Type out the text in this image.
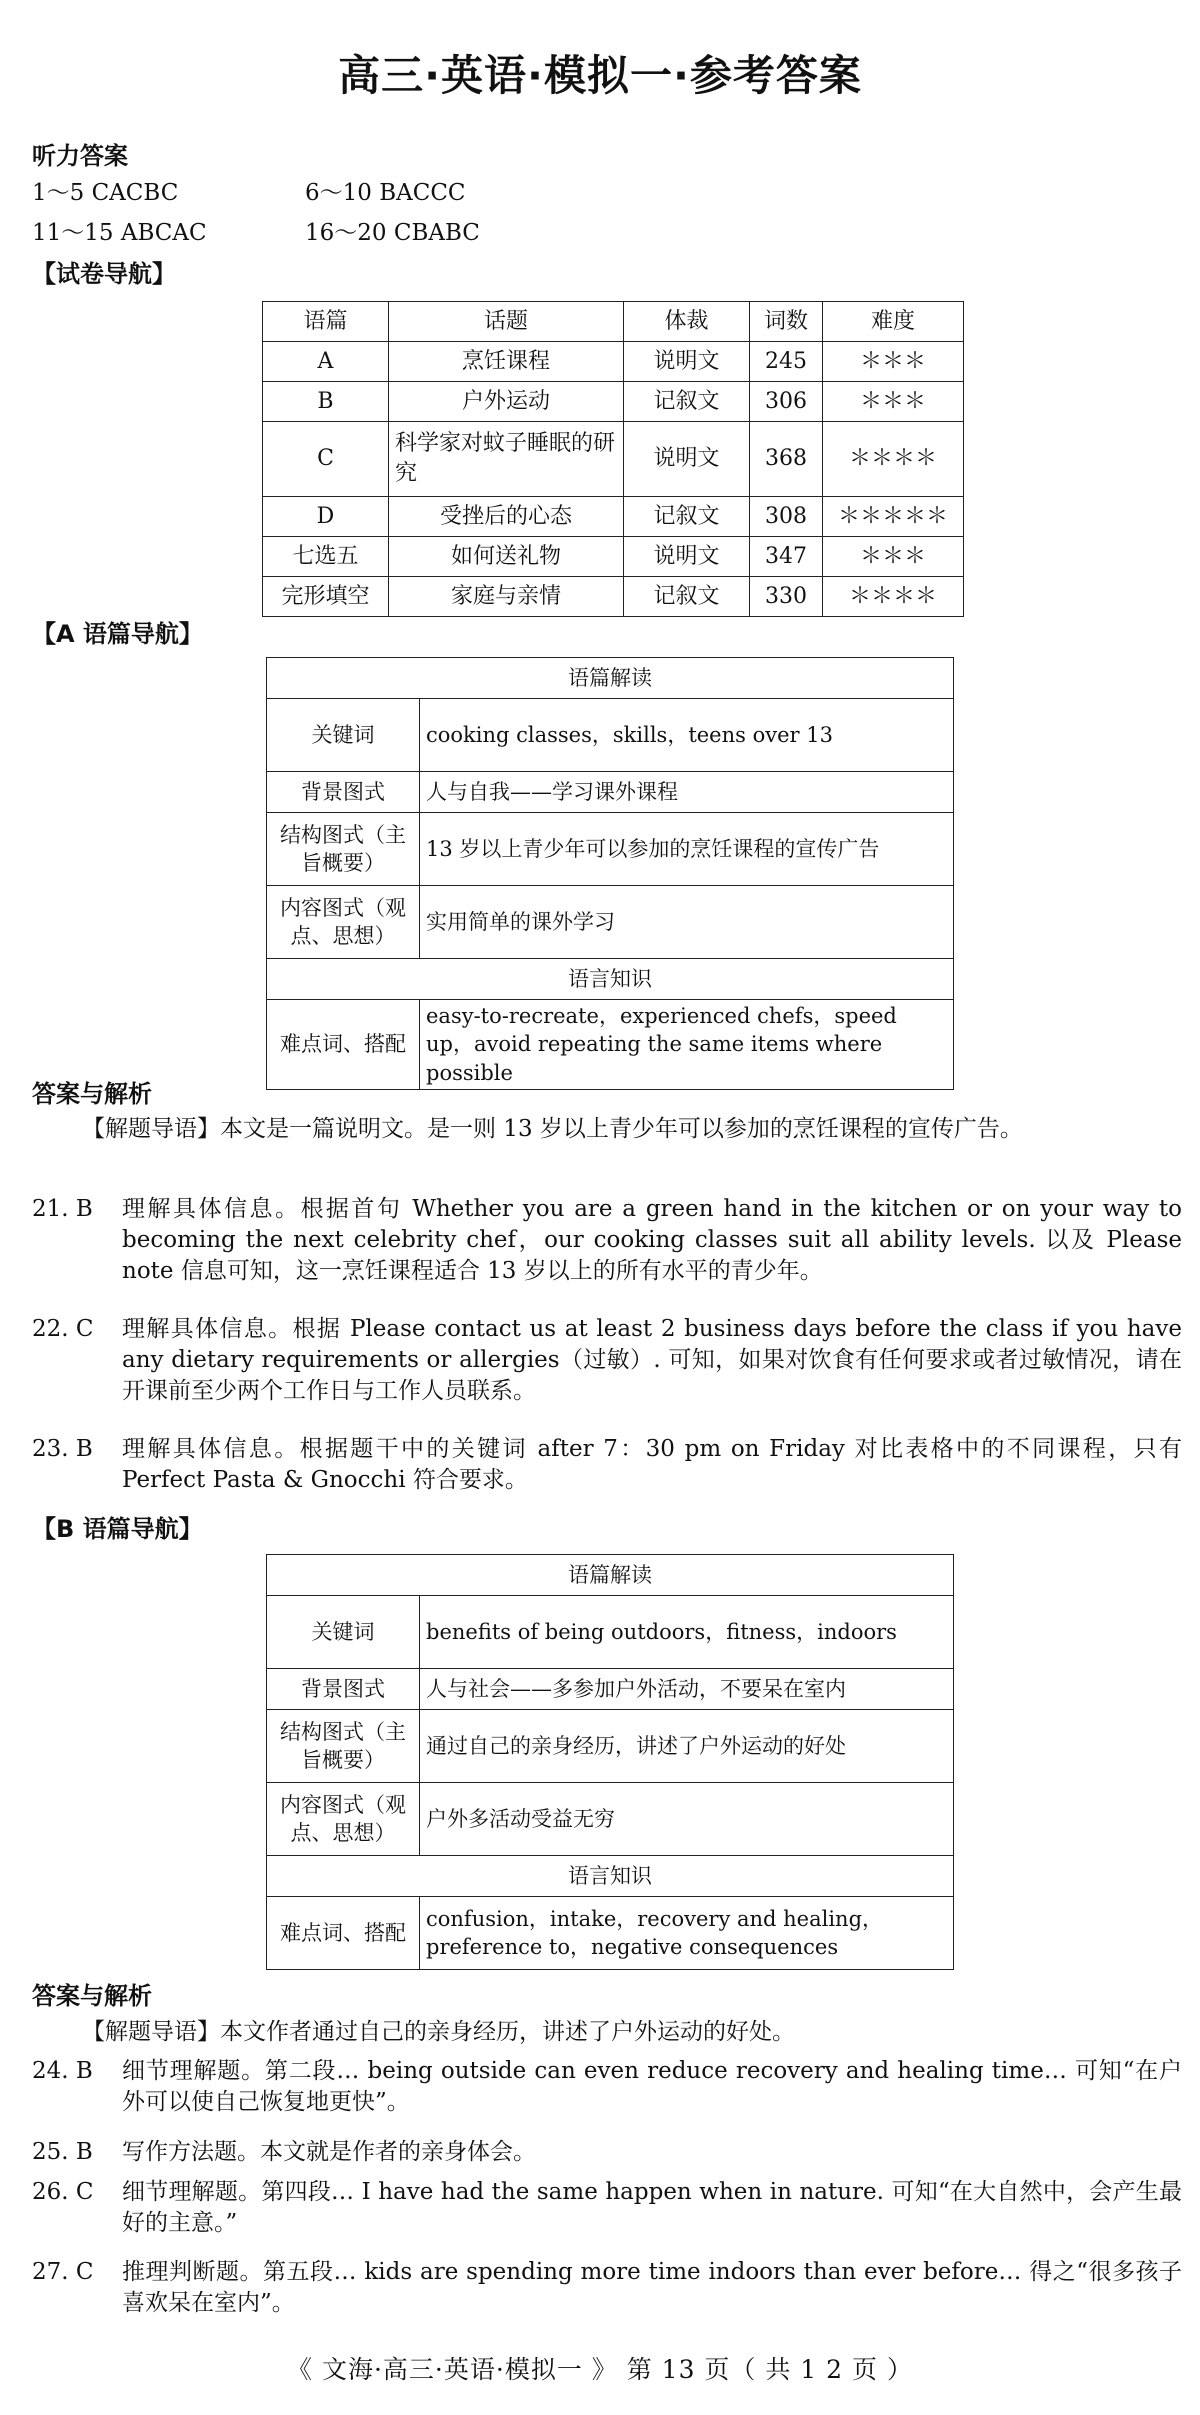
高三·英语·模拟一·参考答案
听力答案
1～5 CACBC	6～10 BACCC
11～15 ABCAC	16～20 CBABC
【试卷导航】
语篇	话题	体裁	词数	难度
A	烹饪课程	说明文	245	＊＊＊
B	户外运动	记叙文	306	＊＊＊
C	科学家对蚊子睡眠的研究	说明文	368	＊＊＊＊
D	受挫后的心态	记叙文	308	＊＊＊＊＊
七选五	如何送礼物	说明文	347	＊＊＊
完形填空	家庭与亲情	记叙文	330	＊＊＊＊
【A 语篇导航】
语篇解读	
关键词	cooking classes，skills，teens over 13
背景图式	人与自我——学习课外课程
结构图式（主旨概要）	13 岁以上青少年可以参加的烹饪课程的宣传广告
内容图式（观点、思想）	实用简单的课外学习
语言知识	
难点词、搭配	easy-to-recreate，experienced chefs，speed up，avoid repeating the same items where possible
答案与解析
【解题导语】本文是一篇说明文。是一则 13 岁以上青少年可以参加的烹饪课程的宣传广告。
21. B 理解具体信息。根据首句 Whether you are a green hand in the kitchen or on your way to becoming the next celebrity chef，our cooking classes suit all ability levels. 以及 Please note 信息可知，这一烹饪课程适合 13 岁以上的所有水平的青少年。
22. C 理解具体信息。根据 Please contact us at least 2 business days before the class if you have any dietary requirements or allergies（过敏）. 可知，如果对饮食有任何要求或者过敏情况，请在开课前至少两个工作日与工作人员联系。
23. B 理解具体信息。根据题干中的关键词 after 7：30 pm on Friday 对比表格中的不同课程，只有 Perfect Pasta & Gnocchi 符合要求。
【B 语篇导航】
语篇解读	
关键词	benefits of being outdoors，fitness，indoors
背景图式	人与社会——多参加户外活动，不要呆在室内
结构图式（主旨概要）	通过自己的亲身经历，讲述了户外运动的好处
内容图式（观点、思想）	户外多活动受益无穷
语言知识	
难点词、搭配	confusion，intake，recovery and healing，preference to，negative consequences
答案与解析
【解题导语】本文作者通过自己的亲身经历，讲述了户外运动的好处。
24. B 细节理解题。第二段… being outside can even reduce recovery and healing time… 可知“在户外可以使自己恢复地更快”。
25. B 写作方法题。本文就是作者的亲身体会。
26. C 细节理解题。第四段… I have had the same happen when in nature. 可知“在大自然中，会产生最好的主意。”
27. C 推理判断题。第五段… kids are spending more time indoors than ever before… 得之“很多孩子喜欢呆在室内”。
《 文海·高三·英语·模拟一 》 第 13 页（ 共 1 2 页 ）
